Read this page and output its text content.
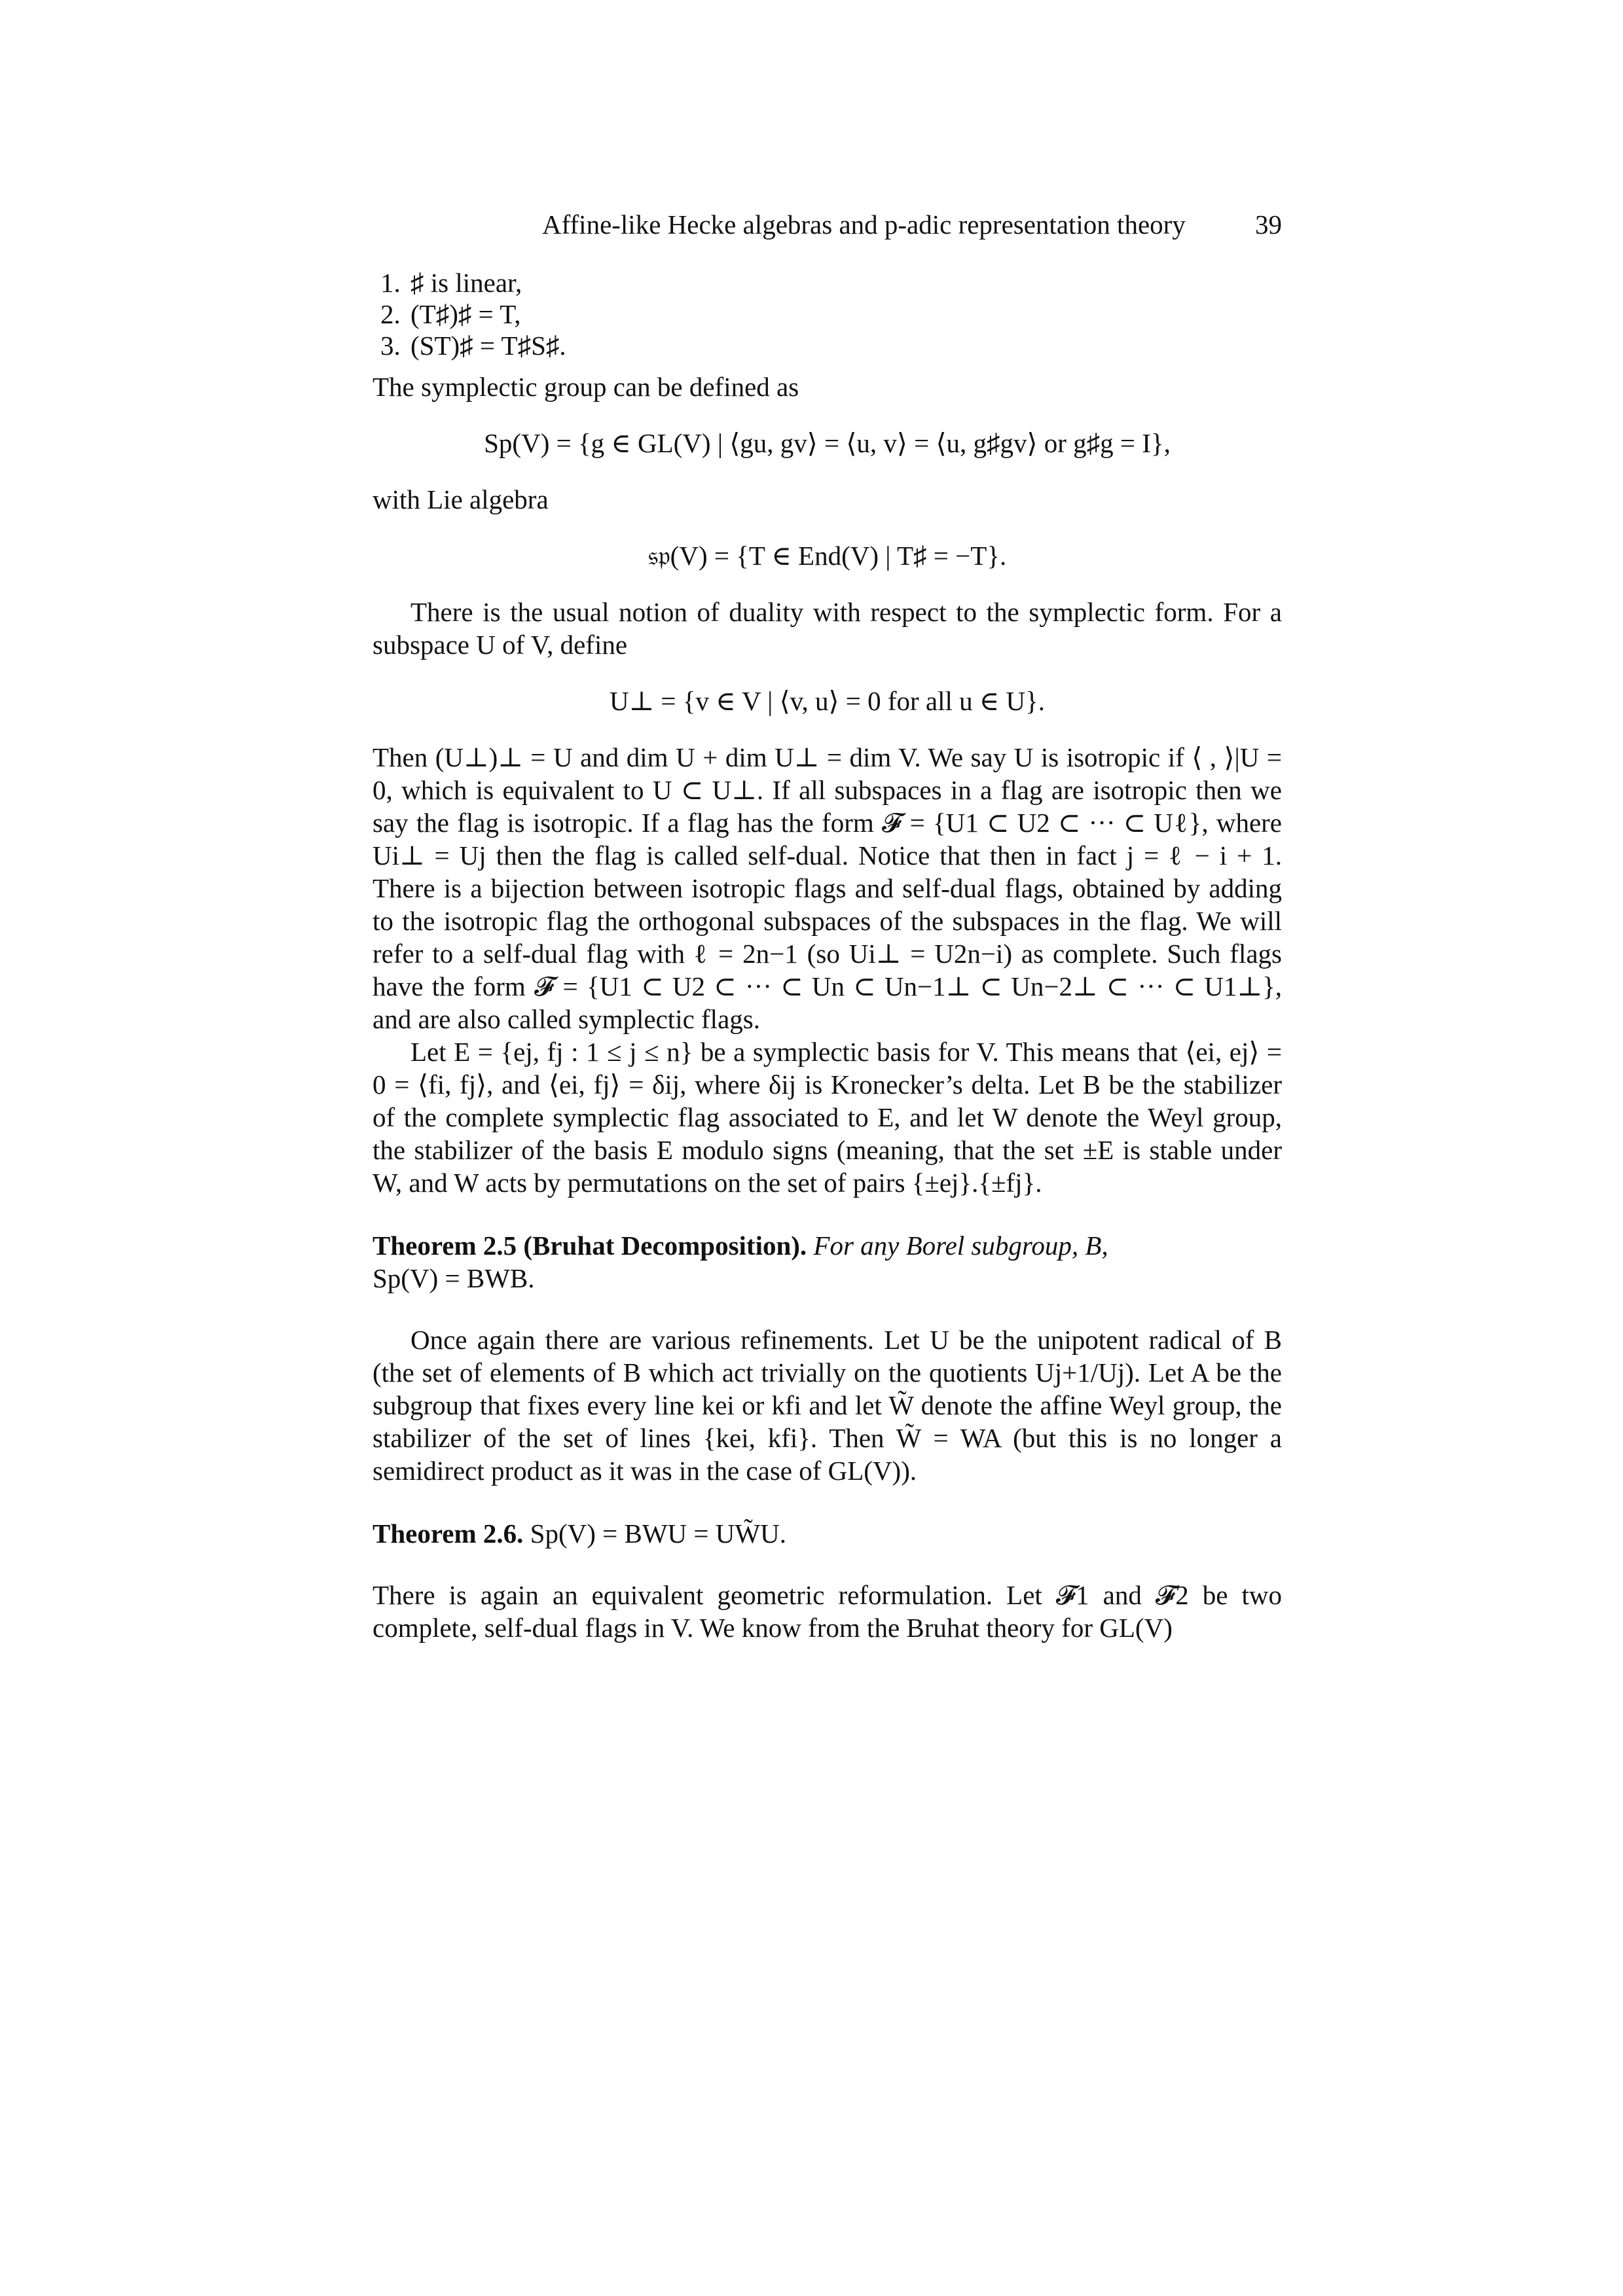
Affine-like Hecke algebras and p-adic representation theory	39
1. ♯ is linear,
2. (T♯)♯ = T,
3. (ST)♯ = T♯S♯.

The symplectic group can be defined as

Sp(V) = {g ∈ GL(V) | ⟨gu, gv⟩ = ⟨u, v⟩ = ⟨u, g♯gv⟩ or g♯g = I},

with Lie algebra

𝔰𝔭(V) = {T ∈ End(V) | T♯ = −T}.

There is the usual notion of duality with respect to the symplectic form. For a subspace U of V, define

U⊥ = {v ∈ V | ⟨v, u⟩ = 0 for all u ∈ U}.

Then (U⊥)⊥ = U and dim U + dim U⊥ = dim V. We say U is isotropic if ⟨ , ⟩|U = 0, which is equivalent to U ⊂ U⊥. If all subspaces in a flag are isotropic then we say the flag is isotropic. If a flag has the form 𝓕 = {U1 ⊂ U2 ⊂ ··· ⊂ Uℓ}, where Ui⊥ = Uj then the flag is called self-dual. Notice that then in fact j = ℓ − i + 1. There is a bijection between isotropic flags and self-dual flags, obtained by adding to the isotropic flag the orthogonal subspaces of the subspaces in the flag. We will refer to a self-dual flag with ℓ = 2n−1 (so Ui⊥ = U2n−i) as complete. Such flags have the form 𝓕 = {U1 ⊂ U2 ⊂ ··· ⊂ Un ⊂ Un−1⊥ ⊂ Un−2⊥ ⊂ ··· ⊂ U1⊥}, and are also called symplectic flags.

Let E = {ej, fj : 1 ≤ j ≤ n} be a symplectic basis for V. This means that ⟨ei, ej⟩ = 0 = ⟨fi, fj⟩, and ⟨ei, fj⟩ = δij, where δij is Kronecker’s delta. Let B be the stabilizer of the complete symplectic flag associated to E, and let W denote the Weyl group, the stabilizer of the basis E modulo signs (meaning, that the set ±E is stable under W, and W acts by permutations on the set of pairs {±ej}.{±fj}.

Theorem 2.5 (Bruhat Decomposition). For any Borel subgroup, B,
Sp(V) = BWB.

Once again there are various refinements. Let U be the unipotent radical of B (the set of elements of B which act trivially on the quotients Uj+1/Uj). Let A be the subgroup that fixes every line kei or kfi and let W̃ denote the affine Weyl group, the stabilizer of the set of lines {kei, kfi}. Then W̃ = WA (but this is no longer a semidirect product as it was in the case of GL(V)).

Theorem 2.6. Sp(V) = BWU = UW̃U.

There is again an equivalent geometric reformulation. Let 𝓕1 and 𝓕2 be two complete, self-dual flags in V. We know from the Bruhat theory for GL(V)
